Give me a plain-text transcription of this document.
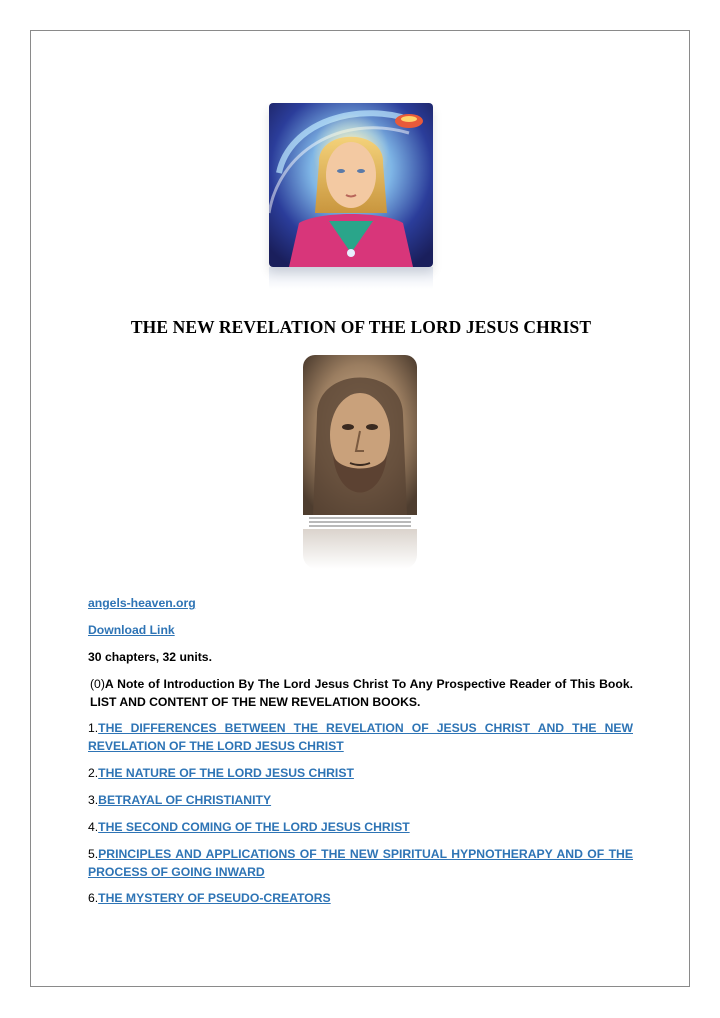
THE NEW REVELATION OF THE LORD JESUS CHRIST
angels-heaven.org
Download Link
30 chapters, 32 units.
(0)A Note of Introduction By The Lord Jesus Christ To Any Prospective Reader of This Book. LIST AND CONTENT OF THE NEW REVELATION BOOKS.
1.THE DIFFERENCES BETWEEN THE REVELATION OF JESUS CHRIST AND THE NEW REVELATION OF THE LORD JESUS CHRIST
2.THE NATURE OF THE LORD JESUS CHRIST
3.BETRAYAL OF CHRISTIANITY
4.THE SECOND COMING OF THE LORD JESUS CHRIST
5.PRINCIPLES AND APPLICATIONS OF THE NEW SPIRITUAL HYPNOTHERAPY AND OF THE PROCESS OF GOING INWARD
6.THE MYSTERY OF PSEUDO-CREATORS
